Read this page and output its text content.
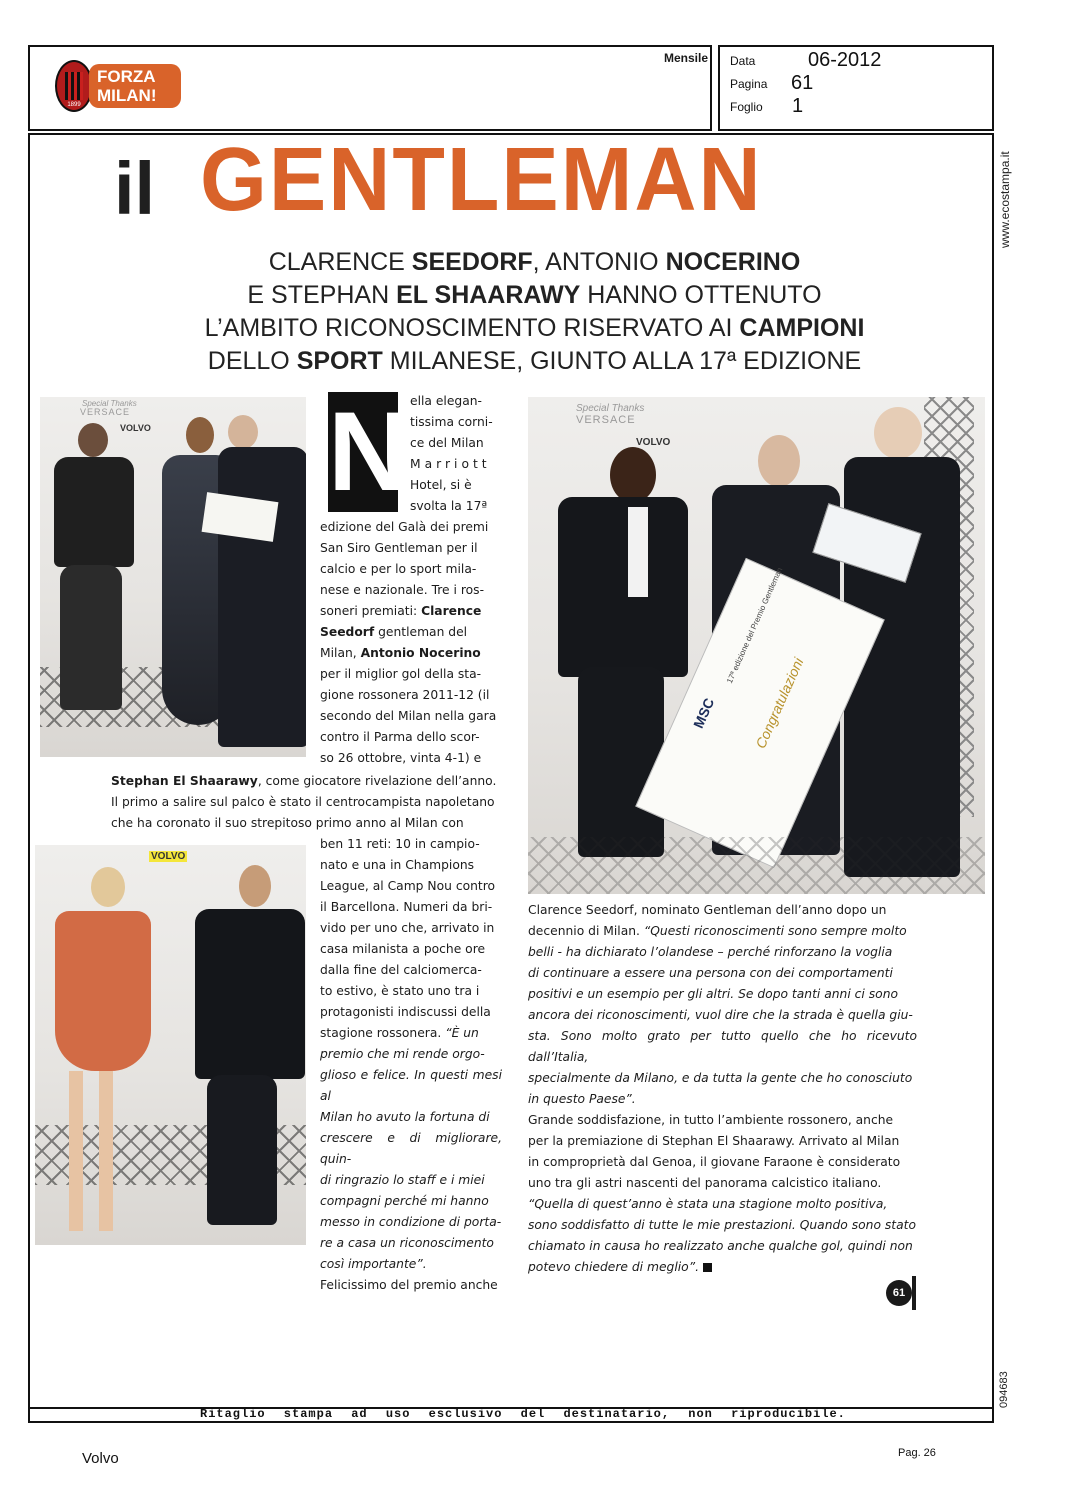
1899
FORZA
MILAN!
Mensile Data	06-2012
Pagina 61
Foglio 1
www.ecostampa.it
094683
il GENTLEMAN
CLARENCE SEEDORF, ANTONIO NOCERINO
E STEPHAN EL SHAARAWY HANNO OTTENUTO
L’AMBITO RICONOSCIMENTO RISERVATO AI CAMPIONI
DELLO SPORT MILANESE, GIUNTO ALLA 17ª EDIZIONE
Special Thanks
VERSACE
VOLVO N ella elegan-
tissima corni-
ce del Milan
Marriott
Hotel, si è
svolta la 17ª
edizione del Galà dei premi
San Siro Gentleman per il
calcio e per lo sport mila-
nese e nazionale. Tre i ros-
soneri premiati: Clarence
Seedorf gentleman del
Milan, Antonio Nocerino
per il miglior gol della sta-
gione rossonera 2011-12 (il
secondo del Milan nella gara
contro il Parma dello scor-
so 26 ottobre, vinta 4-1) e
Stephan El Shaarawy, come giocatore rivelazione dell’anno.
Il primo a salire sul palco è stato il centrocampista napoletano
che ha coronato il suo strepitoso primo anno al Milan con
Special Thanks
VERSACE
VOLVO
MSC Congratulazioni
17ª edizione del Premio Gentleman
VOLVO
ben 11 reti: 10 in campio-
nato e una in Champions
League, al Camp Nou contro
il Barcellona. Numeri da bri-
vido per uno che, arrivato in
casa milanista a poche ore
dalla fine del calciomerca-
to estivo, è stato uno tra i
protagonisti indiscussi della
stagione rossonera. “È un
premio che mi rende orgo-
glioso e felice. In questi mesi al
Milan ho avuto la fortuna di
crescere e di migliorare, quin-
di ringrazio lo staff e i miei
compagni perché mi hanno
messo in condizione di porta-
re a casa un riconoscimento
così importante”.
Felicissimo del premio anche
Clarence Seedorf, nominato Gentleman dell’anno dopo un
decennio di Milan. “Questi riconoscimenti sono sempre molto
belli - ha dichiarato l’olandese – perché rinforzano la voglia
di continuare a essere una persona con dei comportamenti
positivi e un esempio per gli altri. Se dopo tanti anni ci sono
ancora dei riconoscimenti, vuol dire che la strada è quella giu-
sta. Sono molto grato per tutto quello che ho ricevuto dall’Italia,
specialmente da Milano, e da tutta la gente che ho conosciuto
in questo Paese”.
Grande soddisfazione, in tutto l’ambiente rossonero, anche
per la premiazione di Stephan El Shaarawy. Arrivato al Milan
in comproprietà dal Genoa, il giovane Faraone è considerato
uno tra gli astri nascenti del panorama calcistico italiano.
“Quella di quest’anno è stata una stagione molto positiva,
sono soddisfatto di tutte le mie prestazioni. Quando sono stato
chiamato in causa ho realizzato anche qualche gol, quindi non
potevo chiedere di meglio”.
61
Ritaglio stampa ad uso esclusivo del destinatario, non riproducibile.
Volvo	Pag. 26
